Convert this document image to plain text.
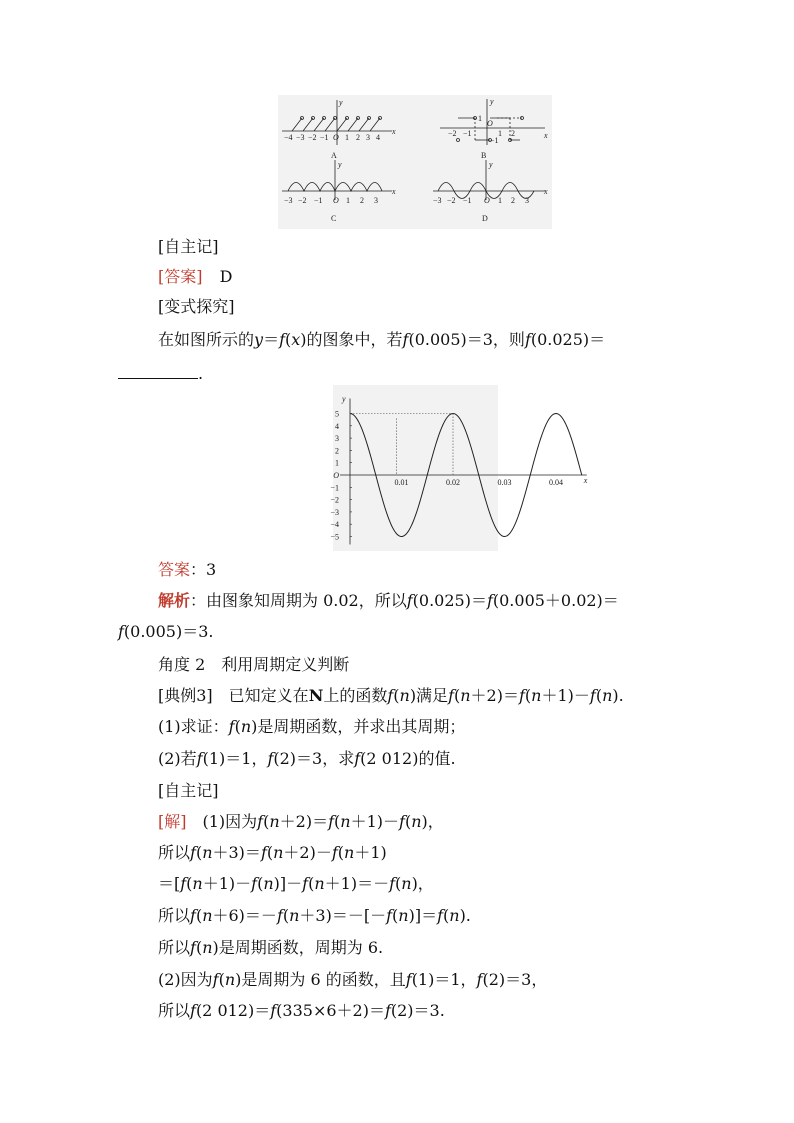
y
x
−4 −3 −2 −1 O 1 2 3 4
A
y
x
1
−1
−2 −1
O
1 2
B
y
x
−3 −2 −1 O 1 2 3
C
y
x
−3 −2 −1 O 1 2 3
D
[自主记]
[答案] D
[变式探究]
在如图所示的y＝f(x)的图象中，若f(0.005)＝3，则f(0.025)＝
.
y
x
5
4
3
2
1
O
−1
−2
−3
−4
−5
0.01	0.02	0.03	0.04
答案：3
解析：由图象知周期为 0.02，所以f(0.025)＝f(0.005＋0.02)＝
f(0.005)＝3.
角度 2　利用周期定义判断
[典例3]　已知定义在N上的函数f(n)满足f(n＋2)＝f(n＋1)－f(n).
(1)求证：f(n)是周期函数，并求出其周期；
(2)若f(1)＝1，f(2)＝3，求f(2 012)的值.
[自主记]
[解]　(1)因为f(n＋2)＝f(n＋1)－f(n)，
所以f(n＋3)＝f(n＋2)－f(n＋1)
＝[f(n＋1)－f(n)]－f(n＋1)＝－f(n)，
所以f(n＋6)＝－f(n＋3)＝－[－f(n)]＝f(n).
所以f(n)是周期函数，周期为 6.
(2)因为f(n)是周期为 6 的函数，且f(1)＝1，f(2)＝3，
所以f(2 012)＝f(335×6＋2)＝f(2)＝3.
